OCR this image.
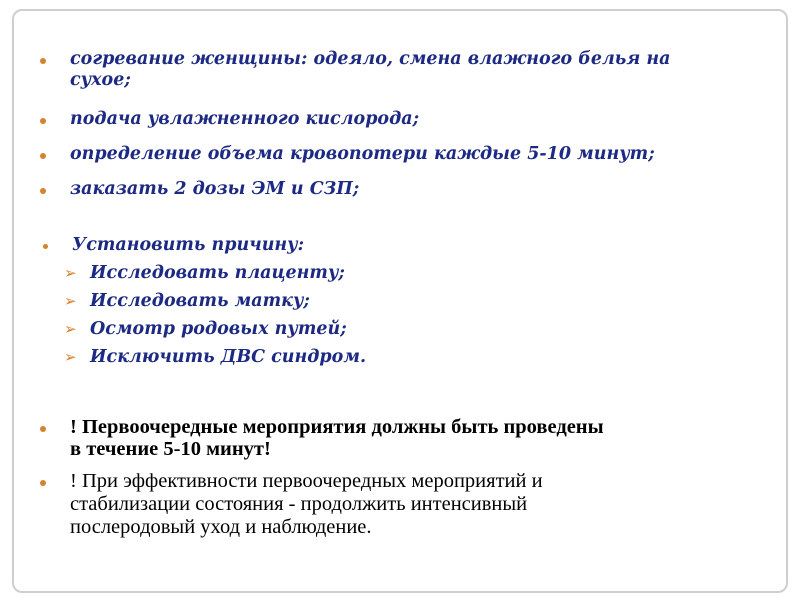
согревание женщины: одеяло, смена влажного белья на
сухое;
подача увлажненного кислорода;
определение объема кровопотери каждые 5-10 минут;
заказать 2 дозы ЭМ и СЗП;
Установить причину:
➢ Исследовать плаценту;
➢ Исследовать матку;
➢ Осмотр родовых путей;
➢ Исключить ДВС синдром.
! Первоочередные мероприятия должны быть проведены
в течение 5-10 минут!
! При эффективности первоочередных мероприятий и
стабилизации состояния - продолжить интенсивный
послеродовый уход и наблюдение.
